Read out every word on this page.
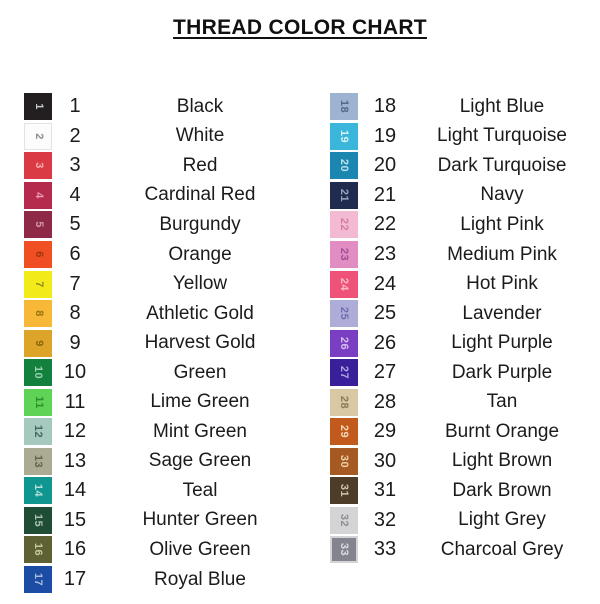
THREAD COLOR CHART
1	1	Black
2	2	White
3	3	Red
4	4	Cardinal Red
5	5	Burgundy
6	6	Orange
7	7	Yellow
8	8	Athletic Gold
9	9	Harvest Gold
10 10	Green
11	11	Lime Green
12 12	Mint Green
13 13	Sage Green
14 14	Teal
15 15	Hunter Green
16 16	Olive Green
17 17	Royal Blue
18	18	Light Blue
19	19	Light Turquoise
20	20	Dark Turquoise
21	21	Navy
22	22	Light Pink
23	23	Medium Pink
24	24	Hot Pink
25	25	Lavender
26	26	Light Purple
27	27	Dark Purple
28	28	Tan
29	29	Burnt Orange
30	30	Light Brown
31	31	Dark Brown
32	32	Light Grey
33	33	Charcoal Grey
